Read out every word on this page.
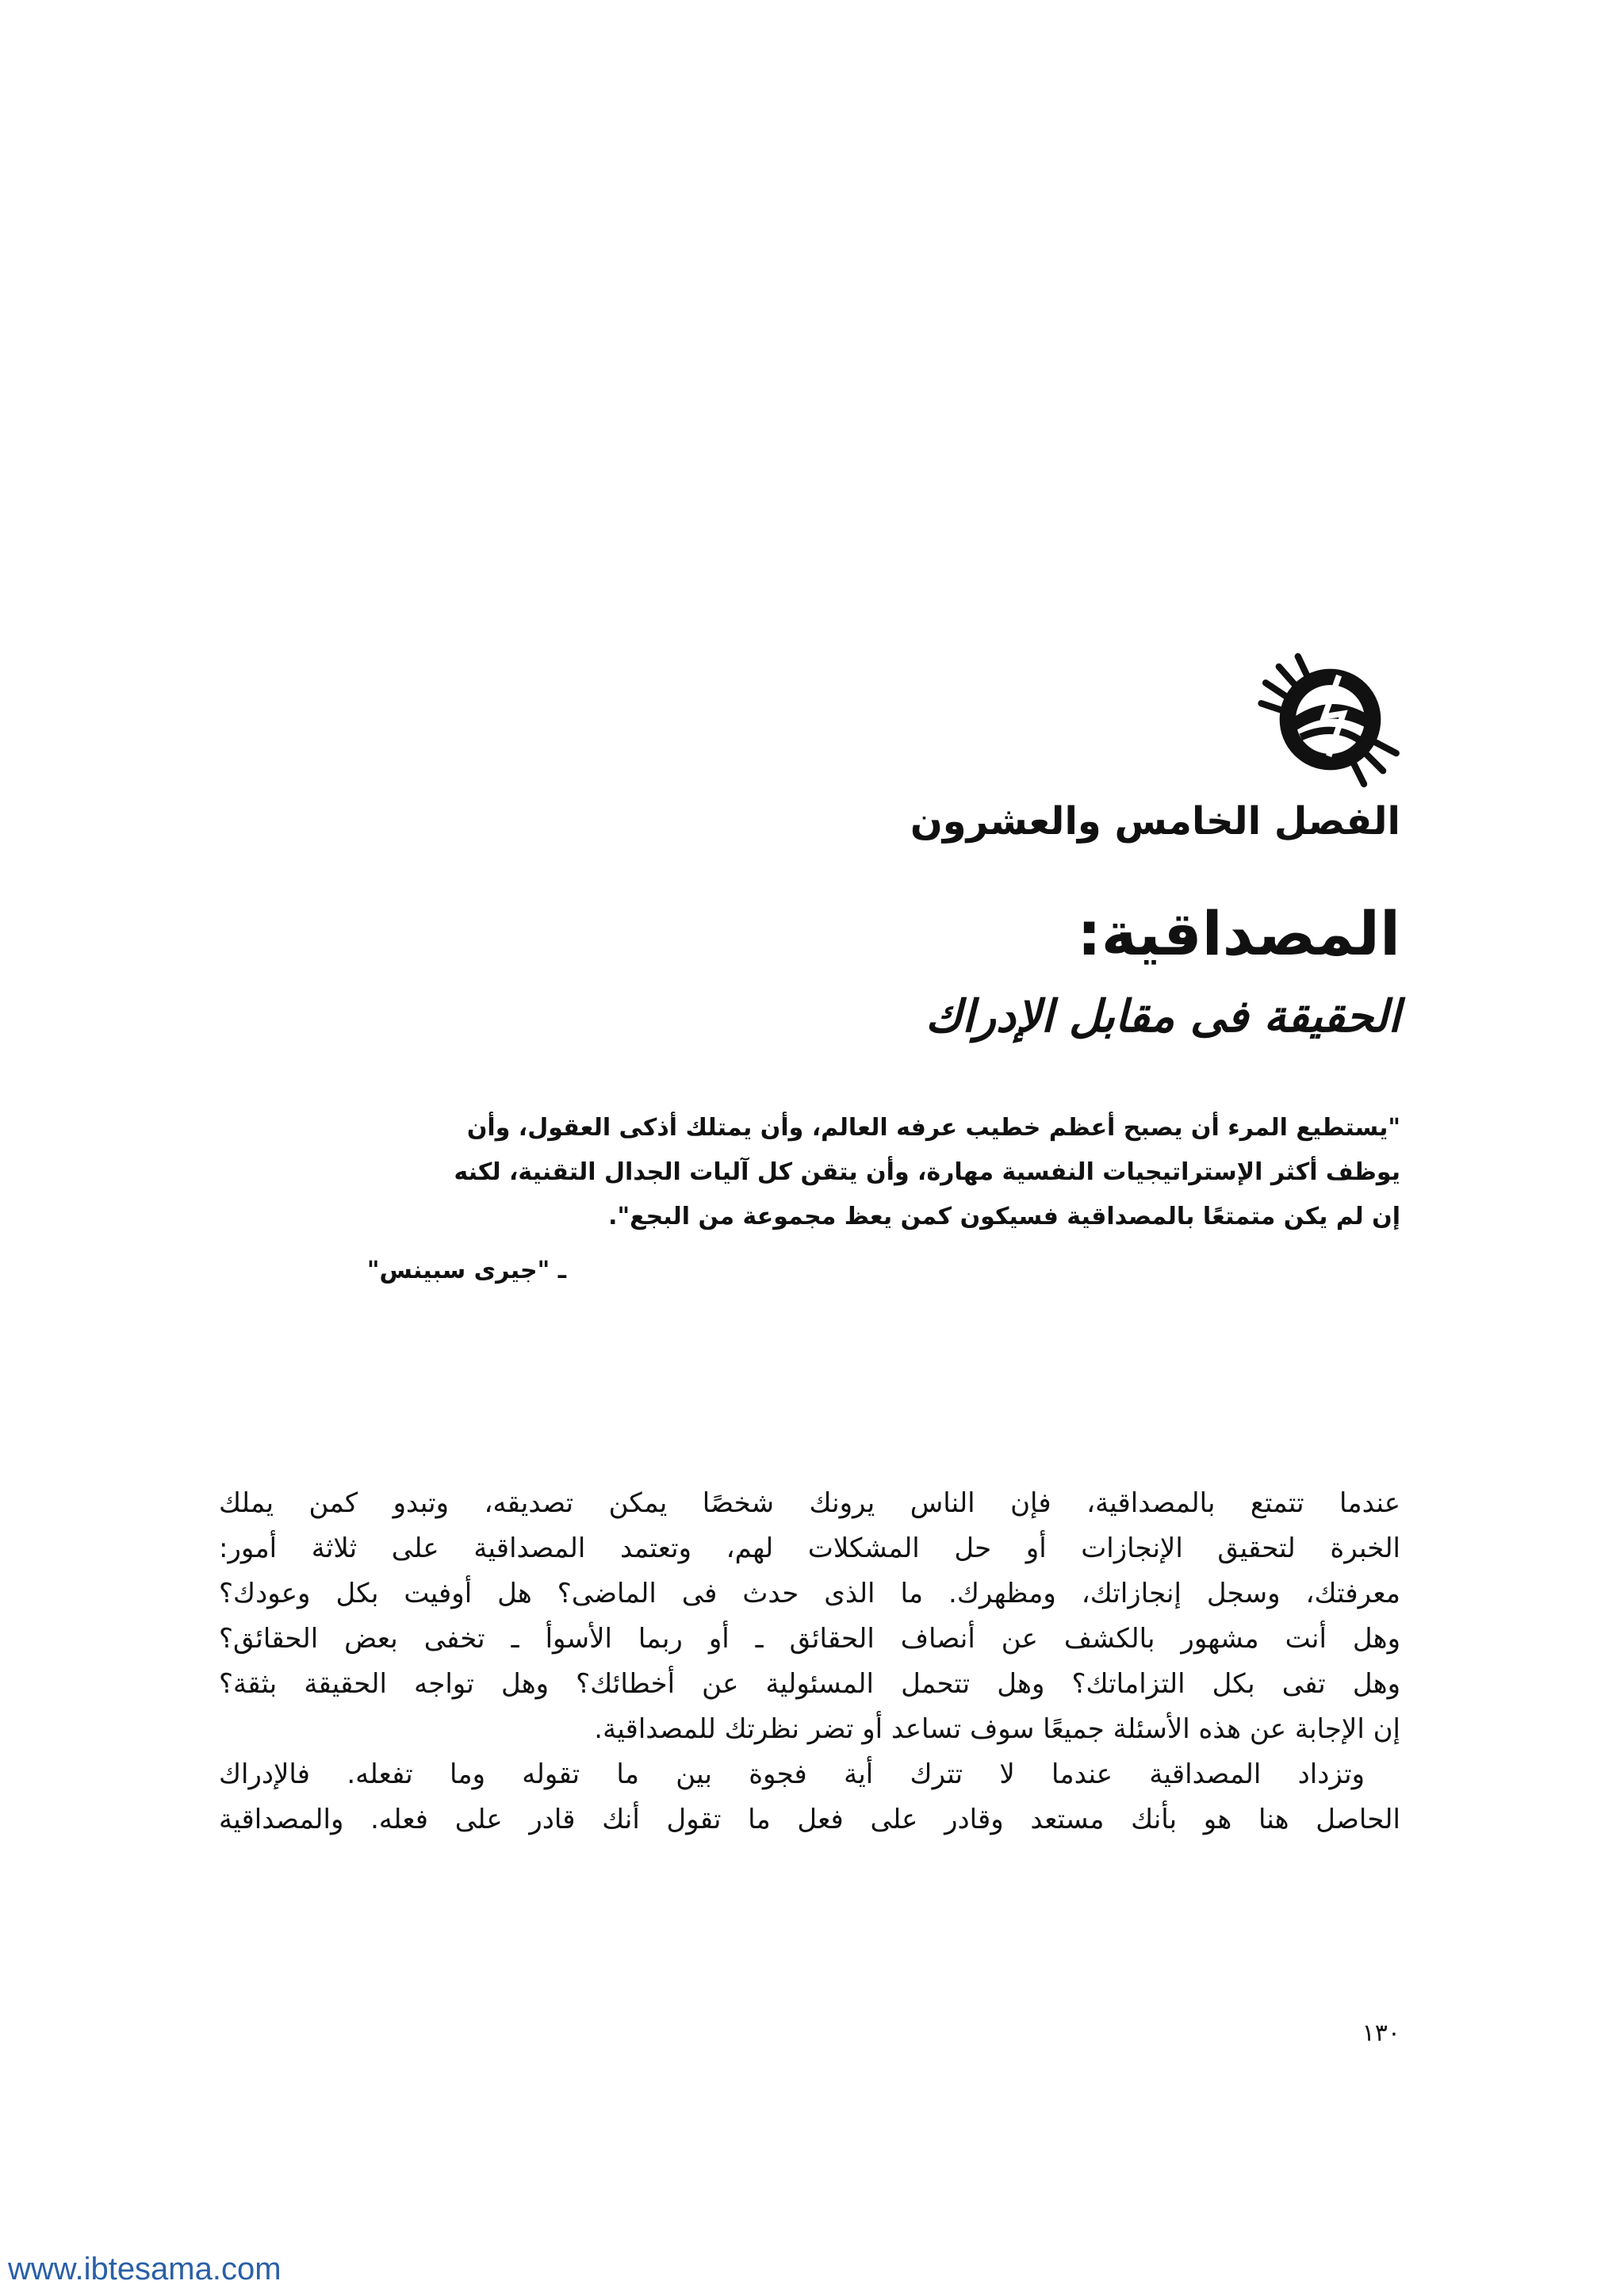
الفصل الخامس والعشرون
المصداقية:
الحقيقة فى مقابل الإدراك
"يستطيع المرء أن يصبح أعظم خطيب عرفه العالم، وأن يمتلك أذكى العقول، وأن
يوظف أكثر الإستراتيجيات النفسية مهارة، وأن يتقن كل آليات الجدال التقنية، لكنه
إن لم يكن متمتعًا بالمصداقية فسيكون كمن يعظ مجموعة من البجع".
ـ "جيرى سبينس"
عندما تتمتع بالمصداقية، فإن الناس يرونك شخصًا يمكن تصديقه، وتبدو كمن يملك
الخبرة لتحقيق الإنجازات أو حل المشكلات لهم، وتعتمد المصداقية على ثلاثة أمور:
معرفتك، وسجل إنجازاتك، ومظهرك. ما الذى حدث فى الماضى؟ هل أوفيت بكل وعودك؟
وهل أنت مشهور بالكشف عن أنصاف الحقائق ـ أو ربما الأسوأ ـ تخفى بعض الحقائق؟
وهل تفى بكل التزاماتك؟ وهل تتحمل المسئولية عن أخطائك؟ وهل تواجه الحقيقة بثقة؟
إن الإجابة عن هذه الأسئلة جميعًا سوف تساعد أو تضر نظرتك للمصداقية.
وتزداد المصداقية عندما لا تترك أية فجوة بين ما تقوله وما تفعله. فالإدراك
الحاصل هنا هو بأنك مستعد وقادر على فعل ما تقول أنك قادر على فعله. والمصداقية
١٣٠
www.ibtesama.com
